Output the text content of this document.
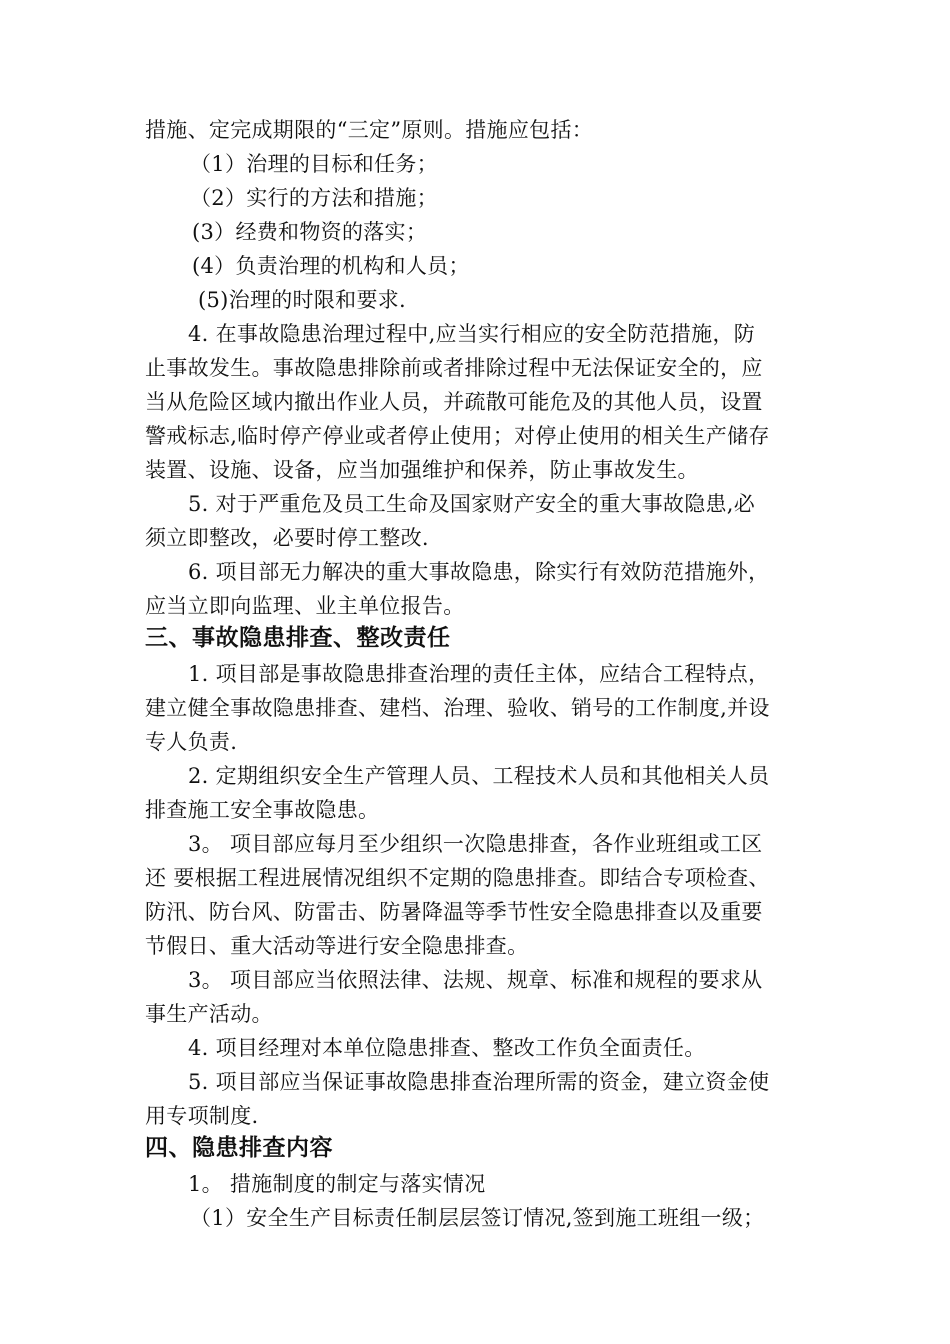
措施、定完成期限的“三定”原则。措施应包括：
（1）治理的目标和任务；
（2）实行的方法和措施；
(3）经费和物资的落实；
(4）负责治理的机构和人员；
(5)治理的时限和要求.
4. 在事故隐患治理过程中,应当实行相应的安全防范措施，防
止事故发生。事故隐患排除前或者排除过程中无法保证安全的，应
当从危险区域内撤出作业人员，并疏散可能危及的其他人员，设置
警戒标志,临时停产停业或者停止使用；对停止使用的相关生产储存
装置、设施、设备，应当加强维护和保养，防止事故发生。
5. 对于严重危及员工生命及国家财产安全的重大事故隐患,必
须立即整改，必要时停工整改.
6. 项目部无力解决的重大事故隐患，除实行有效防范措施外，
应当立即向监理、业主单位报告。
三、事故隐患排查、整改责任
1. 项目部是事故隐患排查治理的责任主体，应结合工程特点，
建立健全事故隐患排查、建档、治理、验收、销号的工作制度,并设
专人负责.
2. 定期组织安全生产管理人员、工程技术人员和其他相关人员
排查施工安全事故隐患。
3。 项目部应每月至少组织一次隐患排查，各作业班组或工区
还 要根据工程进展情况组织不定期的隐患排查。即结合专项检查、
防汛、防台风、防雷击、防暑降温等季节性安全隐患排查以及重要
节假日、重大活动等进行安全隐患排查。
3。 项目部应当依照法律、法规、规章、标准和规程的要求从
事生产活动。
4. 项目经理对本单位隐患排查、整改工作负全面责任。
5. 项目部应当保证事故隐患排查治理所需的资金，建立资金使
用专项制度.
四、隐患排查内容
1。 措施制度的制定与落实情况
（1）安全生产目标责任制层层签订情况,签到施工班组一级；
